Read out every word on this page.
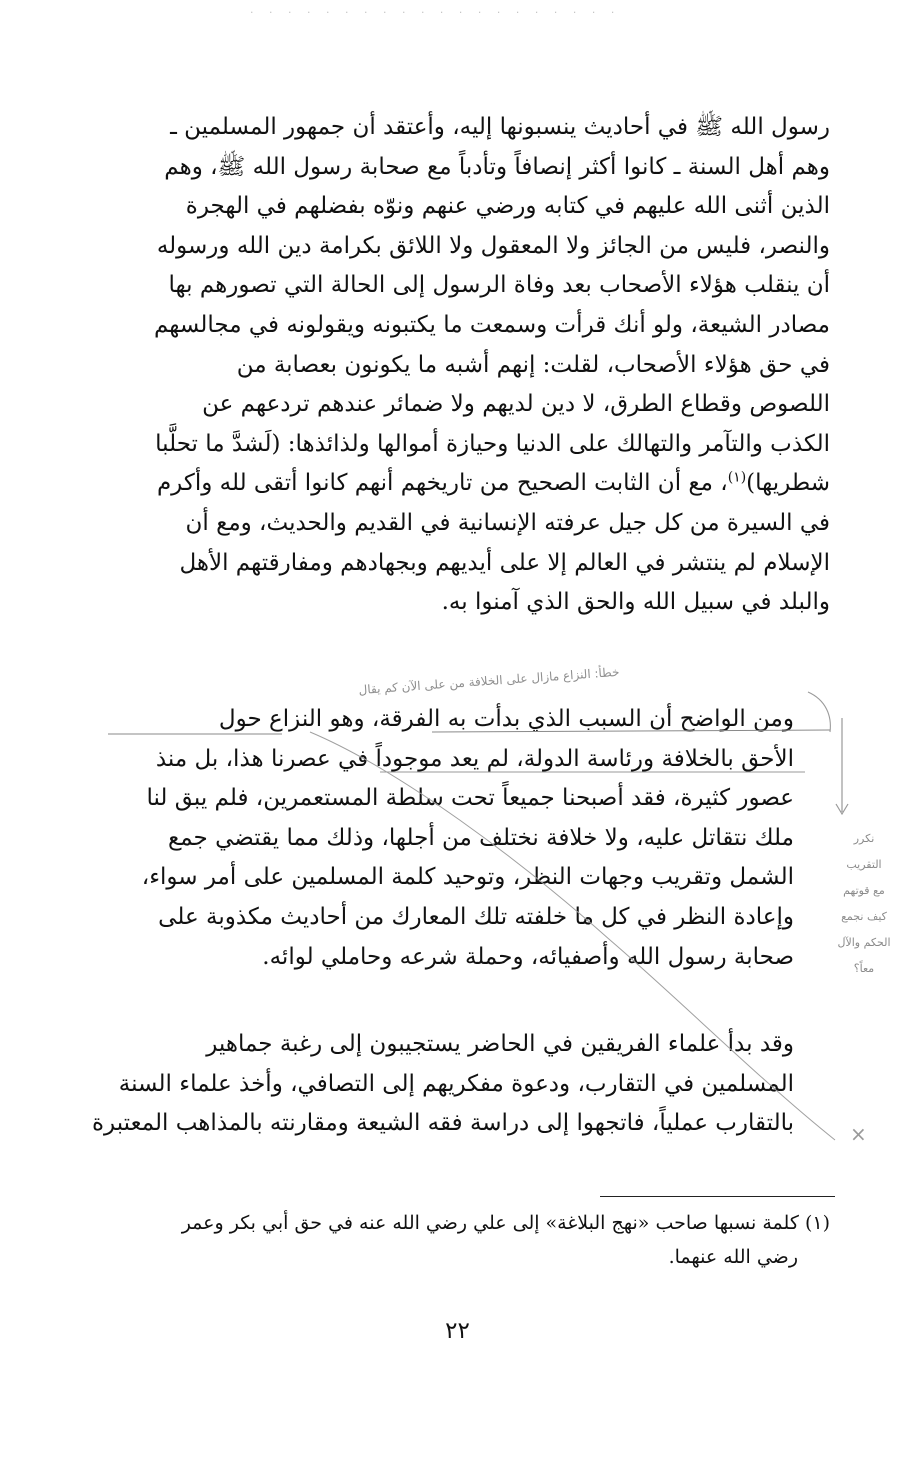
· · · · · · · · · · · · · · · · · · · ·
رسول الله ﷺ في أحاديث ينسبونها إليه، وأعتقد أن جمهور المسلمين ـ
وهم أهل السنة ـ كانوا أكثر إنصافاً وتأدباً مع صحابة رسول الله ﷺ، وهم
الذين أثنى الله عليهم في كتابه ورضي عنهم ونوّه بفضلهم في الهجرة
والنصر، فليس من الجائز ولا المعقول ولا اللائق بكرامة دين الله ورسوله
أن ينقلب هؤلاء الأصحاب بعد وفاة الرسول إلى الحالة التي تصورهم بها
مصادر الشيعة، ولو أنك قرأت وسمعت ما يكتبونه ويقولونه في مجالسهم
في حق هؤلاء الأصحاب، لقلت: إنهم أشبه ما يكونون بعصابة من
اللصوص وقطاع الطرق، لا دين لديهم ولا ضمائر عندهم تردعهم عن
الكذب والتآمر والتهالك على الدنيا وحيازة أموالها ولذائذها: (لَشدَّ ما تحلَّبا
شطريها)$^{(١)}$، مع أن الثابت الصحيح من تاريخهم أنهم كانوا أتقى لله وأكرم
في السيرة من كل جيل عرفته الإنسانية في القديم والحديث، ومع أن
الإسلام لم ينتشر في العالم إلا على أيديهم وبجهادهم ومفارقتهم الأهل
والبلد في سبيل الله والحق الذي آمنوا به.
خطأ: النزاع مازال على الخلافة من على الآن كم يقال
ومن الواضح أن السبب الذي بدأت به الفرقة، وهو النزاع حول
الأحق بالخلافة ورئاسة الدولة، لم يعد موجوداً في عصرنا هذا، بل منذ
عصور كثيرة، فقد أصبحنا جميعاً تحت سلطة المستعمرين، فلم يبق لنا
ملك نتقاتل عليه، ولا خلافة نختلف من أجلها، وذلك مما يقتضي جمع
الشمل وتقريب وجهات النظر، وتوحيد كلمة المسلمين على أمر سواء،
وإعادة النظر في كل ما خلفته تلك المعارك من أحاديث مكذوبة على
صحابة رسول الله وأصفيائه، وحملة شرعه وحاملي لوائه.
نكرر
التقريب
مع قوتهم
كيف نجمع
الحكم والآل
معاً؟
وقد بدأ علماء الفريقين في الحاضر يستجيبون إلى رغبة جماهير
المسلمين في التقارب، ودعوة مفكريهم إلى التصافي، وأخذ علماء السنة
بالتقارب عملياً، فاتجهوا إلى دراسة فقه الشيعة ومقارنته بالمذاهب المعتبرة	×
(١) كلمة نسبها صاحب «نهج البلاغة» إلى علي رضي الله عنه في حق أبي بكر وعمر
رضي الله عنهما.
٢٢
